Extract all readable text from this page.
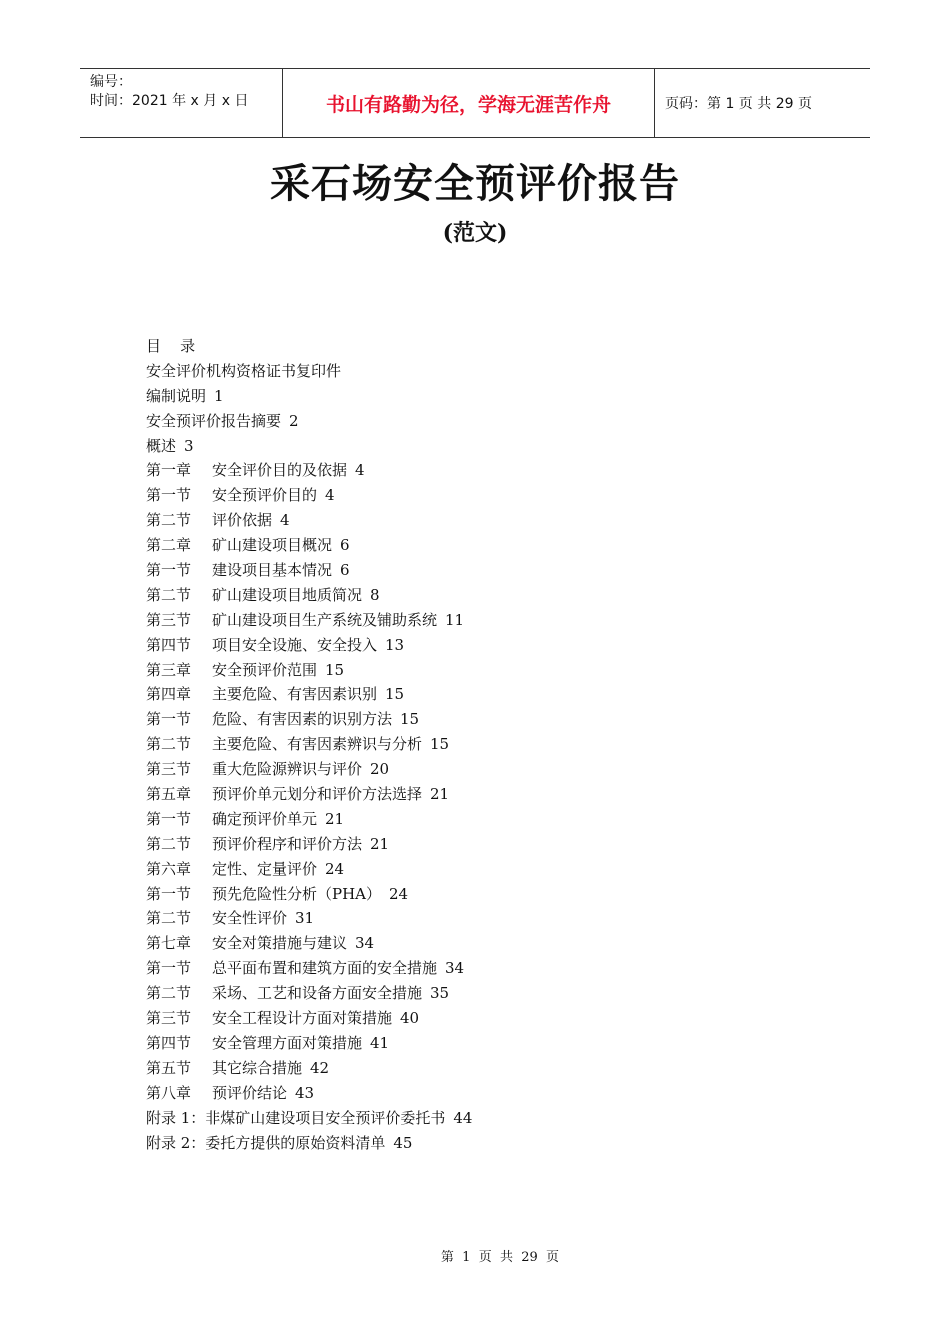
编号：
时间：2021 年 x 月 x 日	书山有路勤为径，学海无涯苦作舟	页码：第 1 页 共 29 页
采石场安全预评价报告
(范文)
目    录
安全评价机构资格证书复印件
编制说明 1
安全预评价报告摘要 2
概述 3
第一章 安全评价目的及依据 4
第一节 安全预评价目的 4
第二节 评价依据 4
第二章 矿山建设项目概况 6
第一节 建设项目基本情况 6
第二节 矿山建设项目地质简况 8
第三节 矿山建设项目生产系统及铺助系统 11
第四节 项目安全设施、安全投入 13
第三章 安全预评价范围 15
第四章 主要危险、有害因素识别 15
第一节 危险、有害因素的识别方法 15
第二节 主要危险、有害因素辨识与分析 15
第三节 重大危险源辨识与评价 20
第五章 预评价单元划分和评价方法选择 21
第一节 确定预评价单元 21
第二节 预评价程序和评价方法 21
第六章 定性、定量评价 24
第一节 预先危险性分析（PHA） 24
第二节 安全性评价 31
第七章 安全对策措施与建议 34
第一节 总平面布置和建筑方面的安全措施 34
第二节 采场、工艺和设备方面安全措施 35
第三节 安全工程设计方面对策措施 40
第四节 安全管理方面对策措施 41
第五节 其它综合措施 42
第八章 预评价结论 43
附录 1：非煤矿山建设项目安全预评价委托书 44
附录 2：委托方提供的原始资料清单 45
第  1  页  共  29  页
